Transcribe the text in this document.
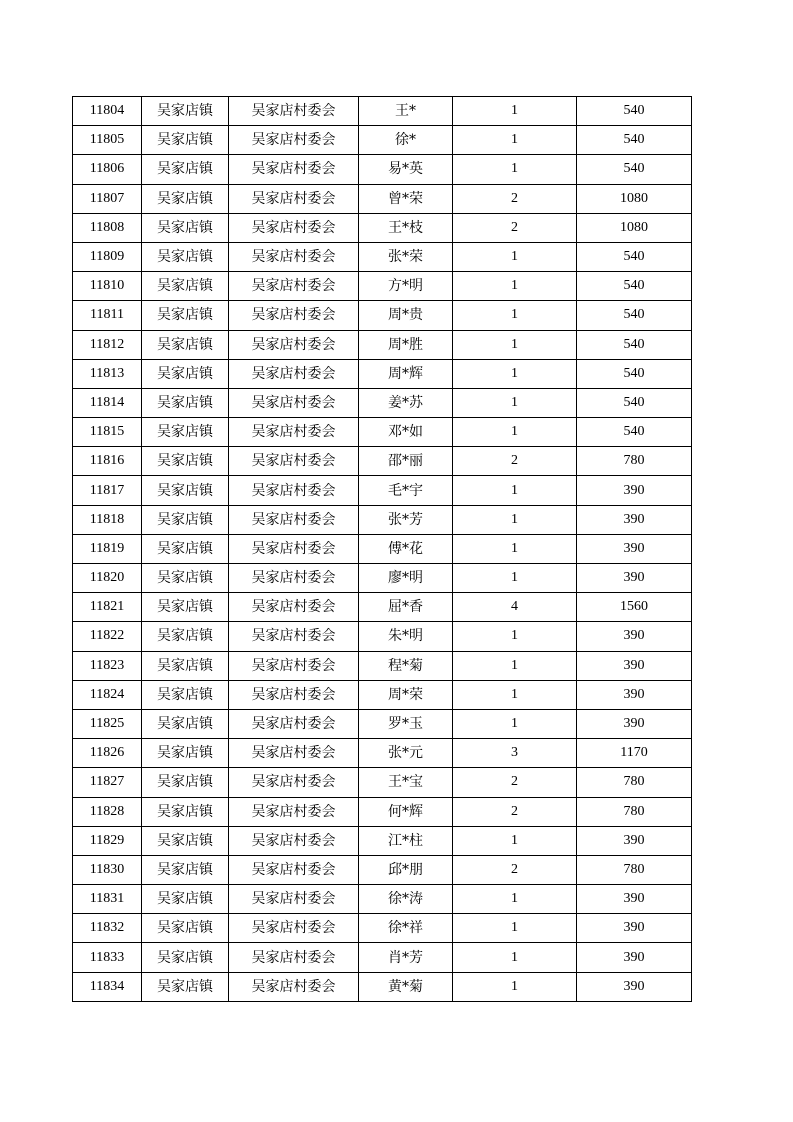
11804	吴家店镇	吴家店村委会	王*	1	540
11805	吴家店镇	吴家店村委会	徐*	1	540
11806	吴家店镇	吴家店村委会	易*英	1	540
11807	吴家店镇	吴家店村委会	曾*荣	2	1080
11808	吴家店镇	吴家店村委会	王*枝	2	1080
11809	吴家店镇	吴家店村委会	张*荣	1	540
11810	吴家店镇	吴家店村委会	方*明	1	540
11811	吴家店镇	吴家店村委会	周*贵	1	540
11812	吴家店镇	吴家店村委会	周*胜	1	540
11813	吴家店镇	吴家店村委会	周*辉	1	540
11814	吴家店镇	吴家店村委会	姜*苏	1	540
11815	吴家店镇	吴家店村委会	邓*如	1	540
11816	吴家店镇	吴家店村委会	邵*丽	2	780
11817	吴家店镇	吴家店村委会	毛*宇	1	390
11818	吴家店镇	吴家店村委会	张*芳	1	390
11819	吴家店镇	吴家店村委会	傅*花	1	390
11820	吴家店镇	吴家店村委会	廖*明	1	390
11821	吴家店镇	吴家店村委会	屈*香	4	1560
11822	吴家店镇	吴家店村委会	朱*明	1	390
11823	吴家店镇	吴家店村委会	程*菊	1	390
11824	吴家店镇	吴家店村委会	周*荣	1	390
11825	吴家店镇	吴家店村委会	罗*玉	1	390
11826	吴家店镇	吴家店村委会	张*元	3	1170
11827	吴家店镇	吴家店村委会	王*宝	2	780
11828	吴家店镇	吴家店村委会	何*辉	2	780
11829	吴家店镇	吴家店村委会	江*柱	1	390
11830	吴家店镇	吴家店村委会	邱*朋	2	780
11831	吴家店镇	吴家店村委会	徐*涛	1	390
11832	吴家店镇	吴家店村委会	徐*祥	1	390
11833	吴家店镇	吴家店村委会	肖*芳	1	390
11834	吴家店镇	吴家店村委会	黄*菊	1	390
